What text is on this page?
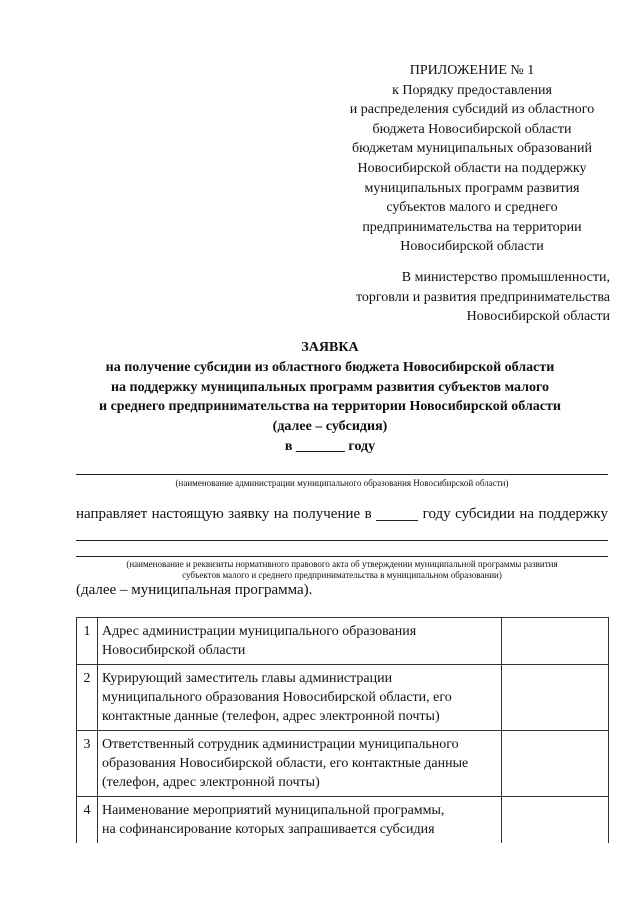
ПРИЛОЖЕНИЕ № 1
к Порядку предоставления
и распределения субсидий из областного
бюджета Новосибирской области
бюджетам муниципальных образований
Новосибирской области на поддержку
муниципальных программ развития
субъектов малого и среднего
предпринимательства на территории
Новосибирской области
В министерство промышленности,
торговли и развития предпринимательства
Новосибирской области
ЗАЯВКА
на получение субсидии из областного бюджета Новосибирской области
на поддержку муниципальных программ развития субъектов малого
и среднего предпринимательства на территории Новосибирской области
(далее – субсидия)
в _______ году
(наименование администрации муниципального образования Новосибирской области)
направляет настоящую заявку на получение в	году субсидии на поддержку
(наименование и реквизиты нормативного правового акта об утверждении муниципальной программы развития
субъектов малого и среднего предпринимательства в муниципальном образовании)
(далее – муниципальная программа).
1	Адрес администрации муниципального образования
Новосибирской области	

2	Курирующий заместитель главы администрации
муниципального образования Новосибирской области, его
контактные данные (телефон, адрес электронной почты)	

3	Ответственный сотрудник администрации муниципального
образования Новосибирской области, его контактные данные
(телефон, адрес электронной почты)	

4	Наименование мероприятий муниципальной программы,
на софинансирование которых запрашивается субсидия	
